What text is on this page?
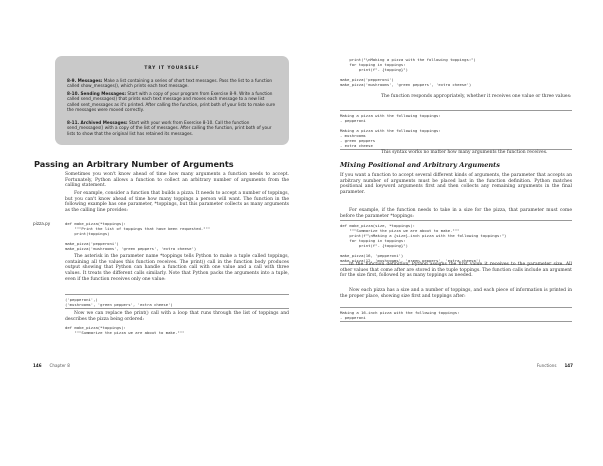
TRY IT YOURSELF

8-9. Messages: Make a list containing a series of short text messages. Pass the list to a function called show_messages(), which prints each text message.

8-10. Sending Messages: Start with a copy of your program from Exercise 8-9. Write a function called send_messages() that prints each text message and moves each message to a new list called sent_messages as it's printed. After calling the function, print both of your lists to make sure the messages were moved correctly.

8-11. Archived Messages: Start with your work from Exercise 8-10. Call the function send_messages() with a copy of the list of messages. After calling the function, print both of your lists to show that the original list has retained its messages.

Passing an Arbitrary Number of Arguments

Sometimes you won't know ahead of time how many arguments a function needs to accept. Fortunately, Python allows a function to collect an arbitrary number of arguments from the calling statement.

For example, consider a function that builds a pizza. It needs to accept a number of toppings, but you can't know ahead of time how many toppings a person will want. The function in the following example has one parameter, *toppings, but this parameter collects as many arguments as the calling line provides:

pizza.py	def make_pizza(*toppings):
"""Print the list of toppings that have been requested."""
print(toppings)

make_pizza('pepperoni')
make_pizza('mushrooms', 'green peppers', 'extra cheese')

The asterisk in the parameter name *toppings tells Python to make a tuple called toppings, containing all the values this function receives. The print() call in the function body produces output showing that Python can handle a function call with one value and a call with three values. It treats the different calls similarly. Note that Python packs the arguments into a tuple, even if the function receives only one value:

('pepperoni',)
('mushrooms', 'green peppers', 'extra cheese')

Now we can replace the print() call with a loop that runs through the list of toppings and describes the pizza being ordered:

def make_pizza(*toppings):
"""Summarize the pizza we are about to make."""
146 Chapter 8
print("\nMaking a pizza with the following toppings:")
for topping in toppings:
print(f"- {topping}")

make_pizza('pepperoni')
make_pizza('mushrooms', 'green peppers', 'extra cheese')

The function responds appropriately, whether it receives one value or three values:

Making a pizza with the following toppings:
- pepperoni

Making a pizza with the following toppings:
- mushrooms
- green peppers
- extra cheese

This syntax works no matter how many arguments the function receives.

Mixing Positional and Arbitrary Arguments

If you want a function to accept several different kinds of arguments, the parameter that accepts an arbitrary number of arguments must be placed last in the function definition. Python matches positional and keyword arguments first and then collects any remaining arguments in the final parameter.

For example, if the function needs to take in a size for the pizza, that parameter must come before the parameter *toppings:

def make_pizza(size, *toppings):
"""Summarize the pizza we are about to make."""
print(f"\nMaking a {size}-inch pizza with the following toppings:")
for topping in toppings:
print(f"- {topping}")

make_pizza(16, 'pepperoni')
make_pizza(12, 'mushrooms', 'green peppers', 'extra cheese')

In the function definition, Python assigns the first value it receives to the parameter size. All other values that come after are stored in the tuple toppings. The function calls include an argument for the size first, followed by as many toppings as needed.

Now each pizza has a size and a number of toppings, and each piece of information is printed in the proper place, showing size first and toppings after:

Making a 16-inch pizza with the following toppings:
- pepperoni
Functions 147
